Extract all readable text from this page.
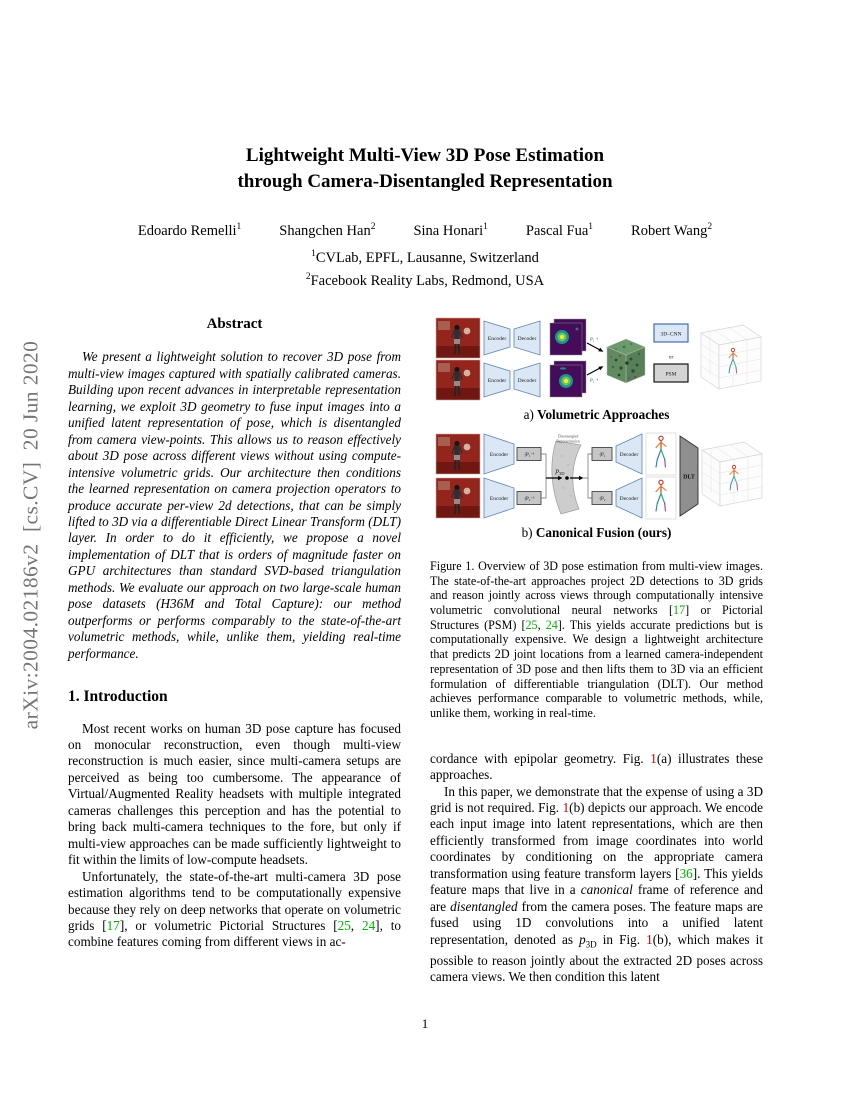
arXiv:2004.02186v2  [cs.CV]  20 Jun 2020
Lightweight Multi-View 3D Pose Estimation
through Camera-Disentangled Representation
Edoardo Remelli$^1$	Shangchen Han$^2$	Sina Honari$^1$	Pascal Fua$^1$	Robert Wang$^2$
$^1$CVLab, EPFL, Lausanne, Switzerland
$^2$Facebook Reality Labs, Redmond, USA
Abstract

We present a lightweight solution to recover 3D pose from multi-view images captured with spatially calibrated cameras. Building upon recent advances in interpretable representation learning, we exploit 3D geometry to fuse input images into a unified latent representation of pose, which is disentangled from camera view-points. This allows us to reason effectively about 3D pose across different views without using compute-intensive volumetric grids. Our architecture then conditions the learned representation on camera projection operators to produce accurate per-view 2d detections, that can be simply lifted to 3D via a differentiable Direct Linear Transform (DLT) layer. In order to do it efficiently, we propose a novel implementation of DLT that is orders of magnitude faster on GPU architectures than standard SVD-based triangulation methods. We evaluate our approach on two large-scale human pose datasets (H36M and Total Capture): our method outperforms or performs comparably to the state-of-the-art volumetric methods, while, unlike them, yielding real-time performance.

1. Introduction

Most recent works on human 3D pose capture has focused on monocular reconstruction, even though multi-view reconstruction is much easier, since multi-camera setups are perceived as being too cumbersome. The appearance of Virtual/Augmented Reality headsets with multiple integrated cameras challenges this perception and has the potential to bring back multi-camera techniques to the fore, but only if multi-view approaches can be made sufficiently lightweight to fit within the limits of low-compute headsets.

Unfortunately, the state-of-the-art multi-camera 3D pose estimation algorithms tend to be computationally expensive because they rely on deep networks that operate on volumetric grids [17], or volumetric Pictorial Structures [25, 24], to combine features coming from different views in ac-

Encoder Decoder
Encoder Decoder
P₁⁻¹
P₂⁻¹
3D–CNN
or
PSM
a) Volumetric Approaches
Encoder
Encoder
⋅|P₁⁻¹
⋅|P₂⁻¹
Disentangled
Representation
$p_{3D}$
⋅|P₁
⋅|P₂
Decoder
Decoder
DLT
b) Canonical Fusion (ours)
Figure 1. Overview of 3D pose estimation from multi-view images. The state-of-the-art approaches project 2D detections to 3D grids and reason jointly across views through computationally intensive volumetric convolutional neural networks [17] or Pictorial Structures (PSM) [25, 24]. This yields accurate predictions but is computationally expensive. We design a lightweight architecture that predicts 2D joint locations from a learned camera-independent representation of 3D pose and then lifts them to 3D via an efficient formulation of differentiable triangulation (DLT). Our method achieves performance comparable to volumetric methods, while, unlike them, working in real-time.

cordance with epipolar geometry. Fig. 1(a) illustrates these approaches.

In this paper, we demonstrate that the expense of using a 3D grid is not required. Fig. 1(b) depicts our approach. We encode each input image into latent representations, which are then efficiently transformed from image coordinates into world coordinates by conditioning on the appropriate camera transformation using feature transform layers [36]. This yields feature maps that live in a canonical frame of reference and are disentangled from the camera poses. The feature maps are fused using 1D convolutions into a unified latent representation, denoted as $p_{3D}$ in Fig. 1(b), which makes it possible to reason jointly about the extracted 2D poses across camera views. We then condition this latent

1
